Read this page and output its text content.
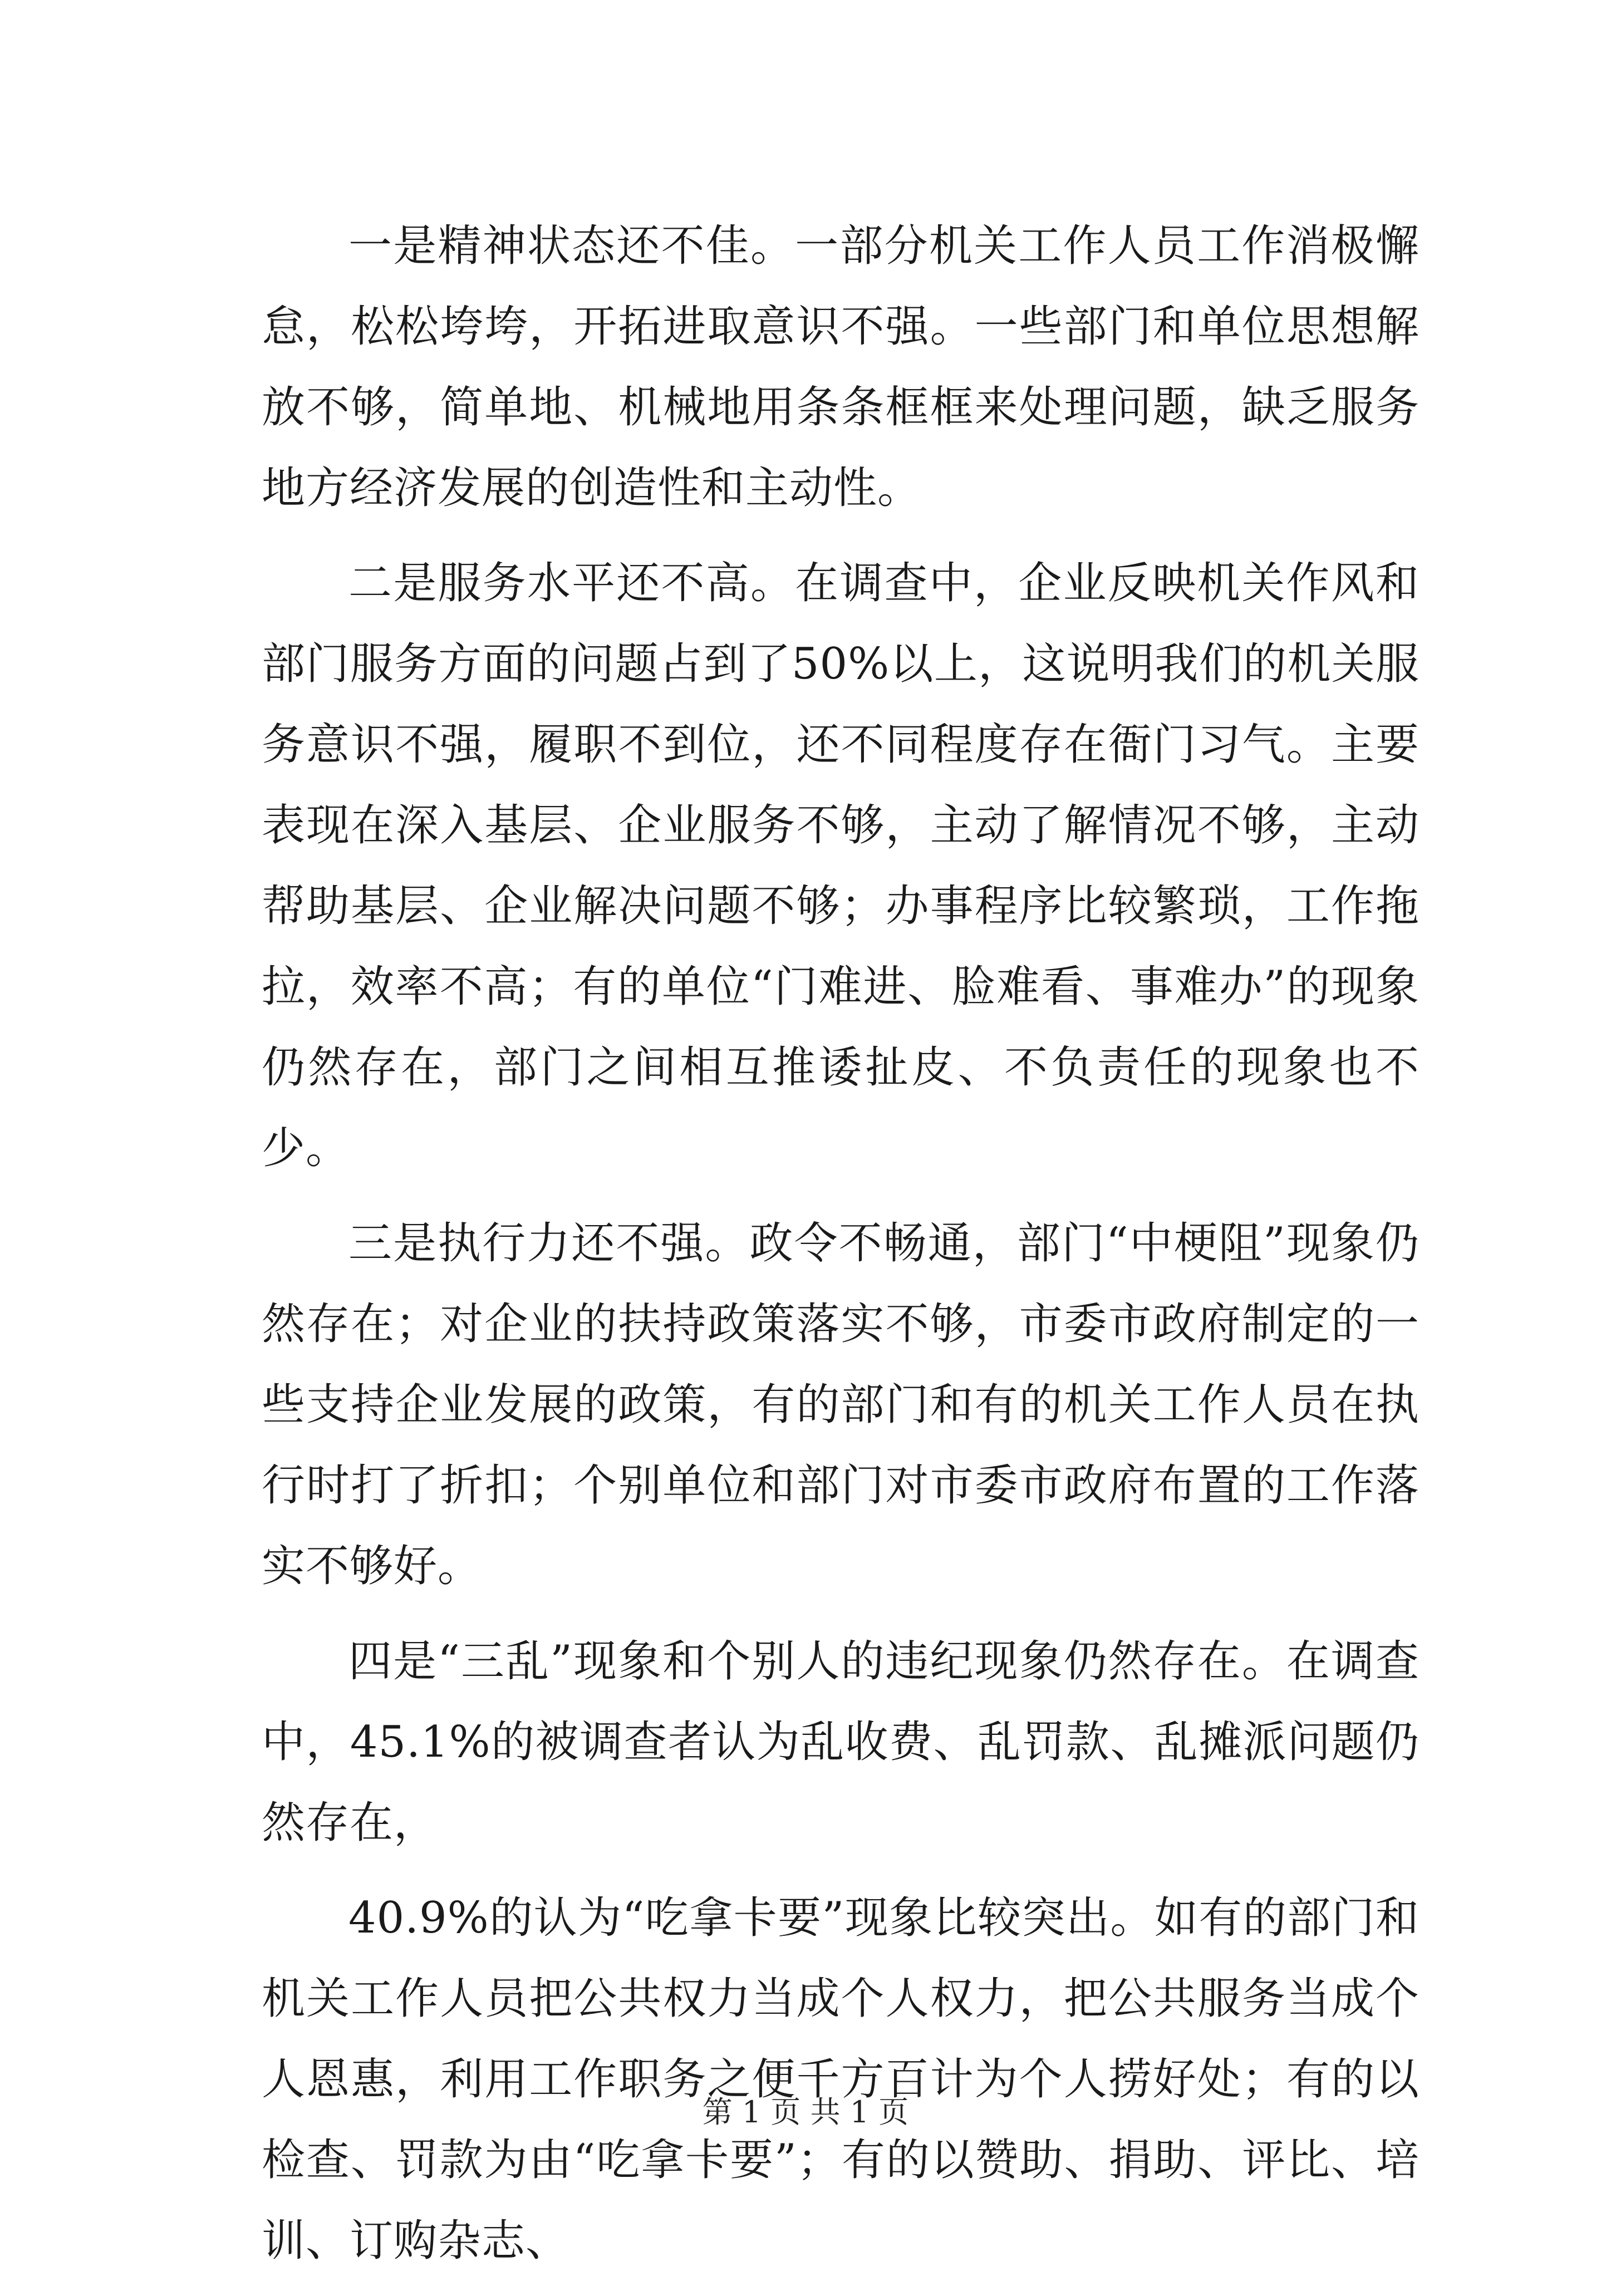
一是精神状态还不佳。一部分机关工作人员工作消极懈怠，松松垮垮，开拓进取意识不强。一些部门和单位思想解放不够，简单地、机械地用条条框框来处理问题，缺乏服务地方经济发展的创造性和主动性。

二是服务水平还不高。在调查中，企业反映机关作风和部门服务方面的问题占到了50%以上，这说明我们的机关服务意识不强，履职不到位，还不同程度存在衙门习气。主要表现在深入基层、企业服务不够，主动了解情况不够，主动帮助基层、企业解决问题不够；办事程序比较繁琐，工作拖拉，效率不高；有的单位“门难进、脸难看、事难办”的现象仍然存在，部门之间相互推诿扯皮、不负责任的现象也不少。

三是执行力还不强。政令不畅通，部门“中梗阻”现象仍然存在；对企业的扶持政策落实不够，市委市政府制定的一些支持企业发展的政策，有的部门和有的机关工作人员在执行时打了折扣；个别单位和部门对市委市政府布置的工作落实不够好。

四是“三乱”现象和个别人的违纪现象仍然存在。在调查中，45.1%的被调查者认为乱收费、乱罚款、乱摊派问题仍然存在，

40.9%的认为“吃拿卡要”现象比较突出。如有的部门和机关工作人员把公共权力当成个人权力，把公共服务当成个人恩惠，利用工作职务之便千方百计为个人捞好处；有的以检查、罚款为由“吃拿卡要”；有的以赞助、捐助、评比、培训、订购杂志、

第 1 页 共 1 页
